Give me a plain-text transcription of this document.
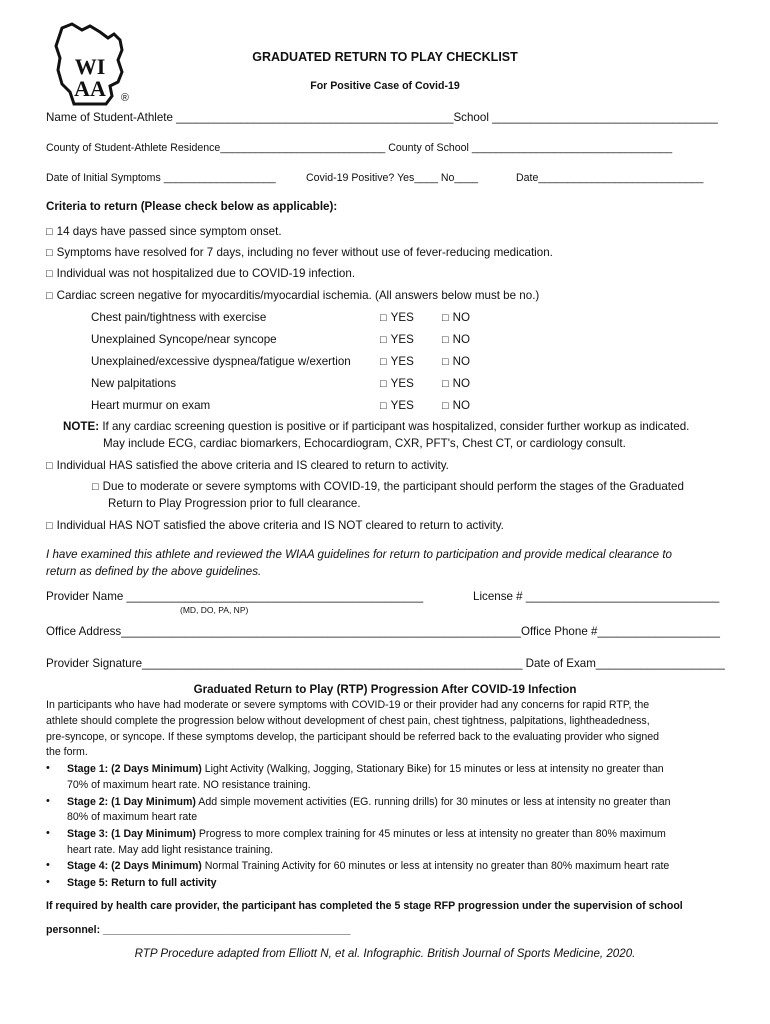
WI
AA ®
GRADUATED RETURN TO PLAY CHECKLIST
For Positive Case of Covid-19
Name of Student-Athlete ___________________________________________School ___________________________________
County of Student-Athlete Residence____________________________ County of School __________________________________
Date of Initial Symptoms ___________________	Covid-19 Positive? Yes____ No____	Date____________________________
Criteria to return (Please check below as applicable):
□ 14 days have passed since symptom onset.
□ Symptoms have resolved for 7 days, including no fever without use of fever-reducing medication.
□ Individual was not hospitalized due to COVID-19 infection.
□ Cardiac screen negative for myocarditis/myocardial ischemia. (All answers below must be no.)
Chest pain/tightness with exercise	□ YES	□ NO
Unexplained Syncope/near syncope	□ YES	□ NO
Unexplained/excessive dyspnea/fatigue w/exertion	□ YES	□ NO
New palpitations	□ YES	□ NO
Heart murmur on exam	□ YES	□ NO
NOTE: If any cardiac screening question is positive or if participant was hospitalized, consider further workup as indicated.
May include ECG, cardiac biomarkers, Echocardiogram, CXR, PFT's, Chest CT, or cardiology consult.
□ Individual HAS satisfied the above criteria and IS cleared to return to activity.
□ Due to moderate or severe symptoms with COVID-19, the participant should perform the stages of the Graduated
Return to Play Progression prior to full clearance.
□ Individual HAS NOT satisfied the above criteria and IS NOT cleared to return to activity.
I have examined this athlete and reviewed the WIAA guidelines for return to participation and provide medical clearance to
return as defined by the above guidelines.
Provider Name ______________________________________________	License # ______________________________
(MD, DO, PA, NP)
Office Address______________________________________________________________Office Phone #___________________
Provider Signature___________________________________________________________ Date of Exam____________________
Graduated Return to Play (RTP) Progression After COVID-19 Infection
In participants who have had moderate or severe symptoms with COVID-19 or their provider had any concerns for rapid RTP, the
athlete should complete the progression below without development of chest pain, chest tightness, palpitations, lightheadedness,
pre-syncope, or syncope. If these symptoms develop, the participant should be referred back to the evaluating provider who signed
the form.
• Stage 1: (2 Days Minimum) Light Activity (Walking, Jogging, Stationary Bike) for 15 minutes or less at intensity no greater than
70% of maximum heart rate. NO resistance training.
• Stage 2: (1 Day Minimum) Add simple movement activities (EG. running drills) for 30 minutes or less at intensity no greater than
80% of maximum heart rate
• Stage 3: (1 Day Minimum) Progress to more complex training for 45 minutes or less at intensity no greater than 80% maximum
heart rate. May add light resistance training.
• Stage 4: (2 Days Minimum) Normal Training Activity for 60 minutes or less at intensity no greater than 80% maximum heart rate
• Stage 5: Return to full activity
If required by health care provider, the participant has completed the 5 stage RFP progression under the supervision of school
personnel: __________________________________________
RTP Procedure adapted from Elliott N, et al. Infographic. British Journal of Sports Medicine, 2020.
